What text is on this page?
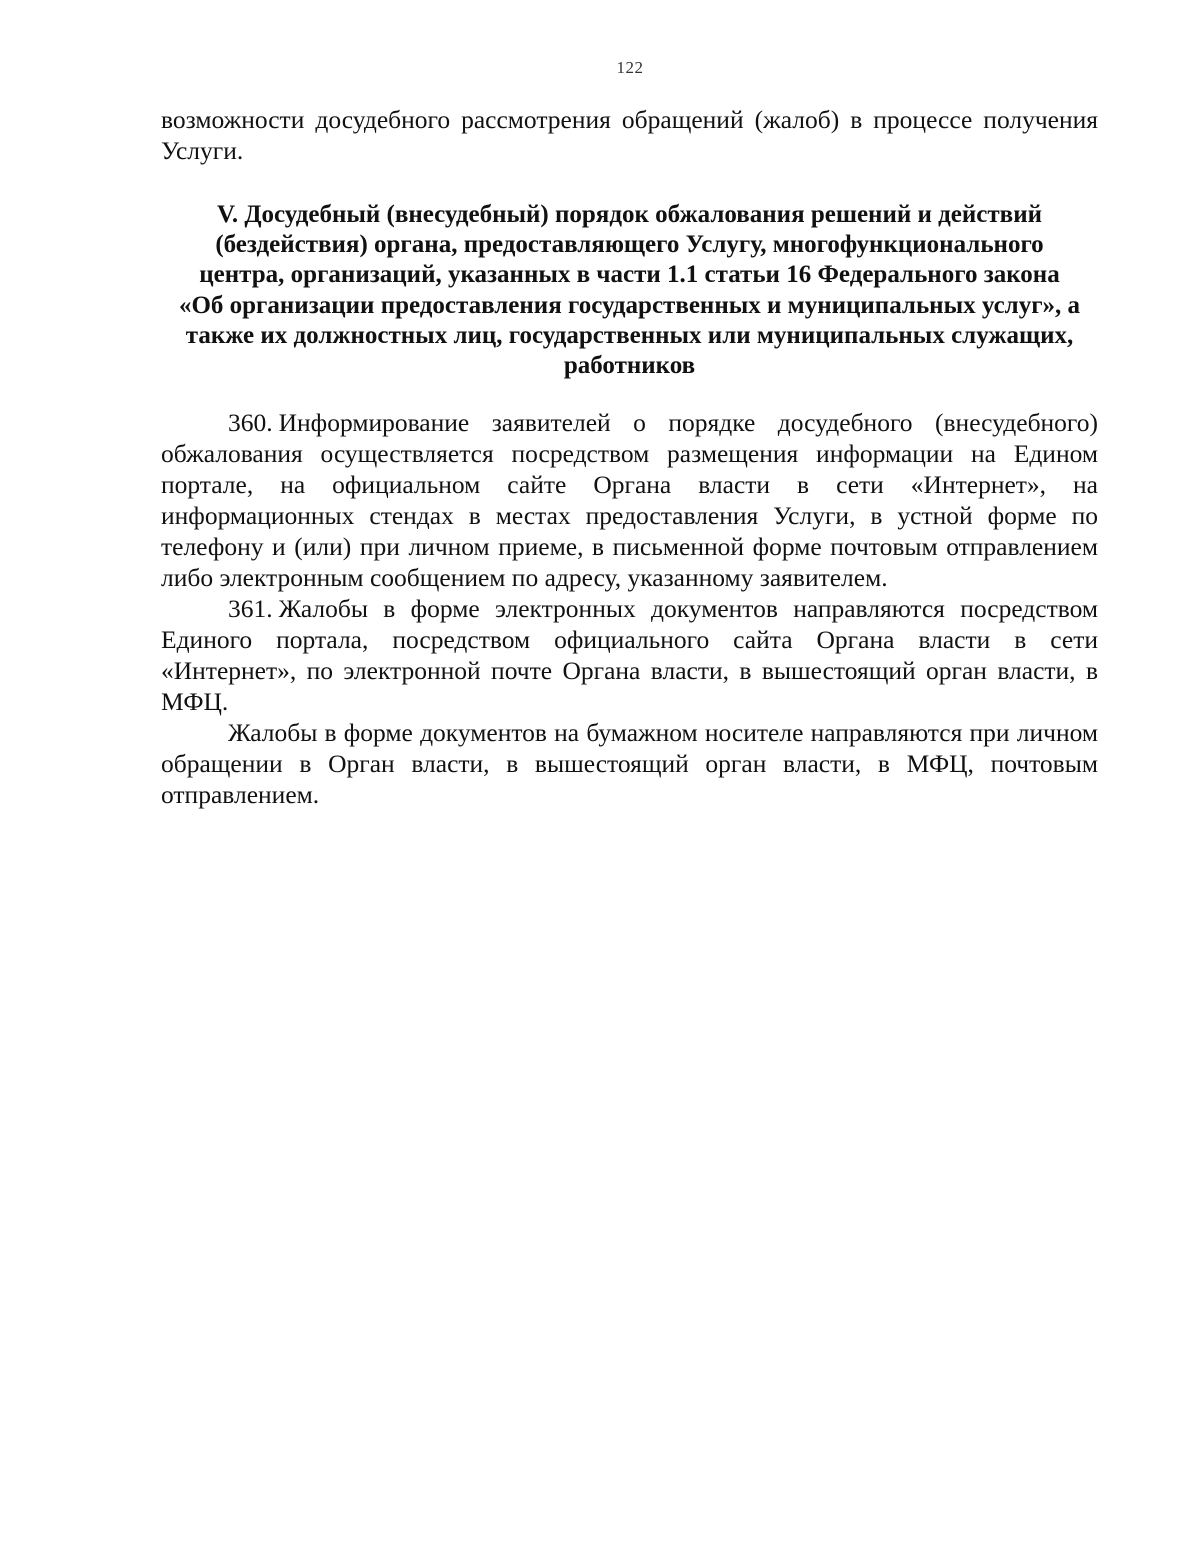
122

возможности досудебного рассмотрения обращений (жалоб) в процессе получения Услуги.

V. Досудебный (внесудебный) порядок обжалования решений и действий
(бездействия) органа, предоставляющего Услугу, многофункционального
центра, организаций, указанных в части 1.1 статьи 16 Федерального закона
«Об организации предоставления государственных и муниципальных услуг», а
также их должностных лиц, государственных или муниципальных служащих,
работников

360. Информирование заявителей о порядке досудебного (внесудебного) обжалования осуществляется посредством размещения информации на Едином портале, на официальном сайте Органа власти в сети «Интернет», на информационных стендах в местах предоставления Услуги, в устной форме по телефону и (или) при личном приеме, в письменной форме почтовым отправлением либо электронным сообщением по адресу, указанному заявителем.

361. Жалобы в форме электронных документов направляются посредством Единого портала, посредством официального сайта Органа власти в сети «Интернет», по электронной почте Органа власти, в вышестоящий орган власти, в МФЦ.

Жалобы в форме документов на бумажном носителе направляются при личном обращении в Орган власти, в вышестоящий орган власти, в МФЦ, почтовым отправлением.
